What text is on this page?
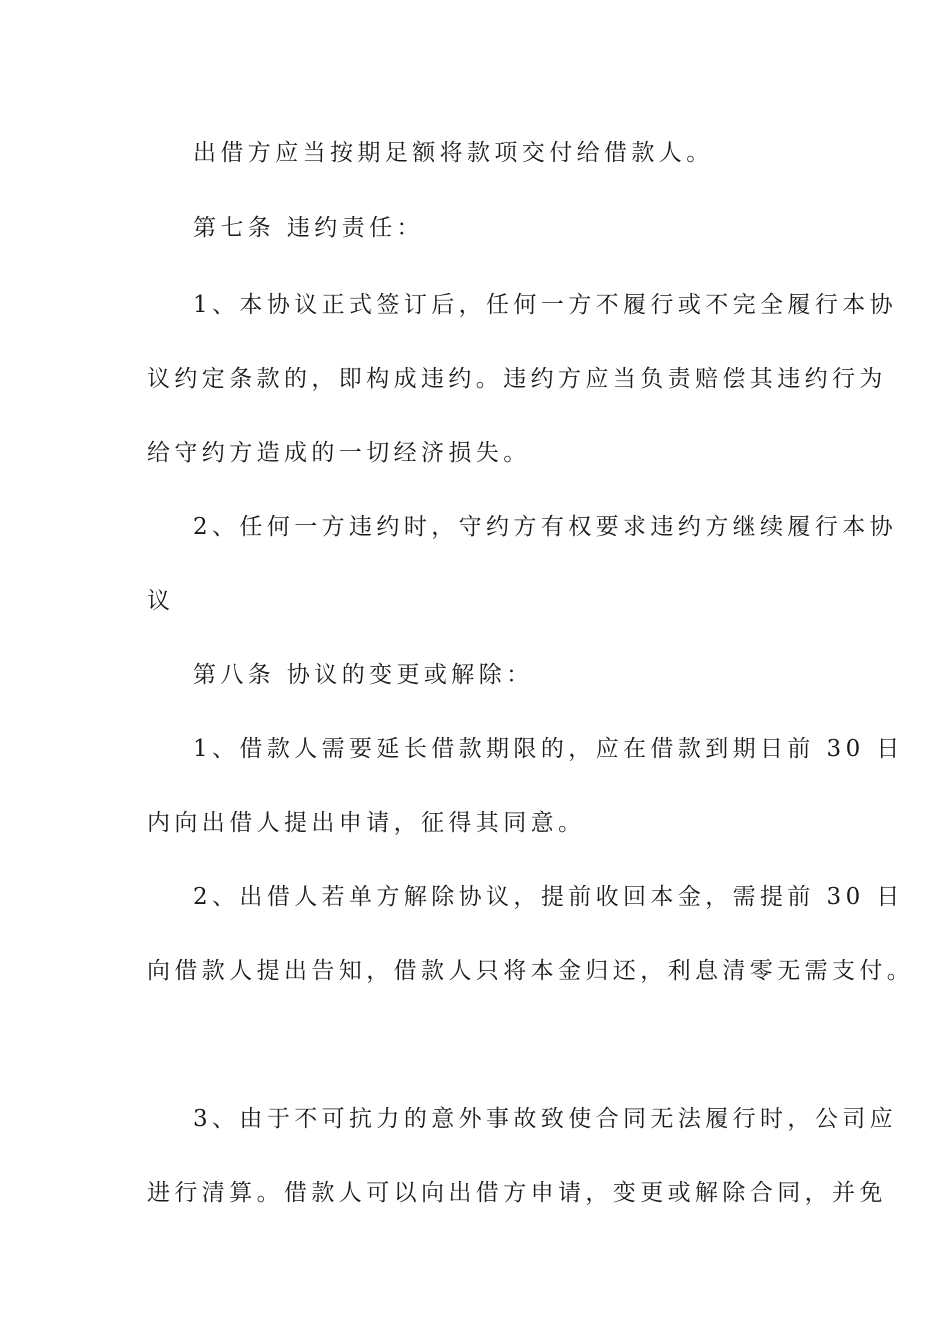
出借方应当按期足额将款项交付给借款人。
第七条 违约责任：
1、本协议正式签订后，任何一方不履行或不完全履行本协
议约定条款的，即构成违约。违约方应当负责赔偿其违约行为
给守约方造成的一切经济损失。
2、任何一方违约时，守约方有权要求违约方继续履行本协
议
第八条 协议的变更或解除：
1、借款人需要延长借款期限的，应在借款到期日前 30 日
内向出借人提出申请，征得其同意。
2、出借人若单方解除协议，提前收回本金，需提前 30 日
向借款人提出告知，借款人只将本金归还，利息清零无需支付。
3、由于不可抗力的意外事故致使合同无法履行时，公司应
进行清算。借款人可以向出借方申请，变更或解除合同，并免
